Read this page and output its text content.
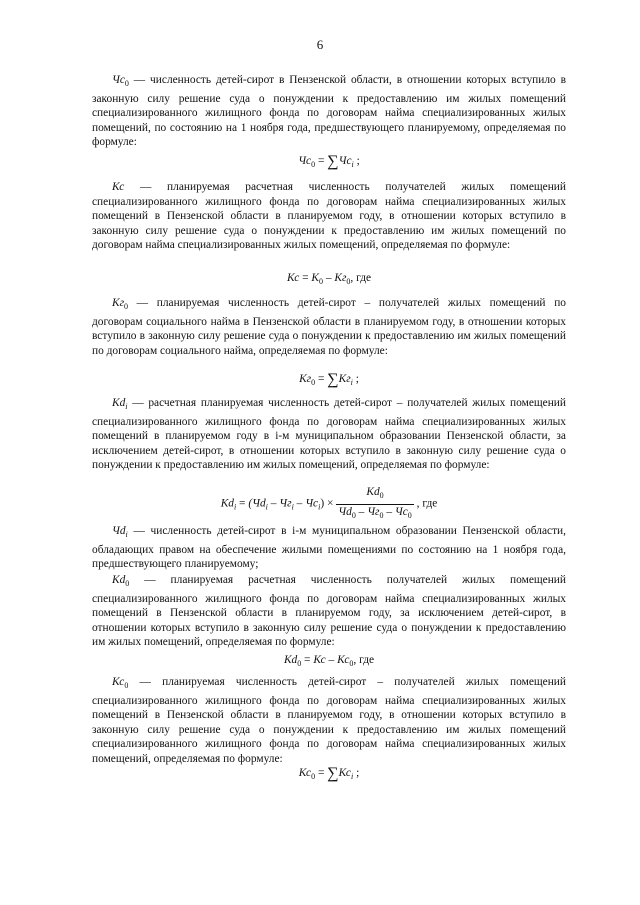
6

$Чс_0$ — численность детей-сирот в Пензенской области, в отношении которых вступило в законную силу решение суда о понуждении к предоставлению им жилых помещений специализированного жилищного фонда по договорам найма специализированных жилых помещений, по состоянию на 1 ноября года, предшествующего планируемому, определяемая по формуле:

$Чс_0 = \sum Чс_i$ ;

Кс — планируемая расчетная численность получателей жилых помещений специализированного жилищного фонда по договорам найма специализированных жилых помещений в Пензенской области в планируемом году, в отношении которых вступило в законную силу решение суда о понуждении к предоставлению им жилых помещений по договорам найма специализированных жилых помещений, определяемая по формуле:

Кс = $К_0 - Кг_0$, где

$Кг_0$ — планируемая численность детей-сирот – получателей жилых помещений по договорам социального найма в Пензенской области в планируемом году, в отношении которых вступило в законную силу решение суда о понуждении к предоставлению им жилых помещений по договорам социального найма, определяемая по формуле:

$Кг_0 = \sum Кг_i$ ;

$Кd_i$ — расчетная планируемая численность детей-сирот – получателей жилых помещений специализированного жилищного фонда по договорам найма специализированных жилых помещений в планируемом году в i-м муниципальном образовании Пензенской области, за исключением детей-сирот, в отношении которых вступило в законную силу решение суда о понуждении к предоставлению им жилых помещений, определяемая по формуле:

$Кd_i = (Чd_i - Чг_i - Чс_i) \times \frac{Кd_0}{Чd_0 - Чг_0 - Чс_0}$ , где

$Чd_i$ — численность детей-сирот в i-м муниципальном образовании Пензенской области, обладающих правом на обеспечение жилыми помещениями по состоянию на 1 ноября года, предшествующего планируемому;

$Кd_0$ — планируемая расчетная численность получателей жилых помещений специализированного жилищного фонда по договорам найма специализированных жилых помещений в Пензенской области в планируемом году, за исключением детей-сирот, в отношении которых вступило в законную силу решение суда о понуждении к предоставлению им жилых помещений, определяемая по формуле:

$Кd_0$ = Кс – $Кс_0$, где

$Кс_0$ — планируемая численность детей-сирот – получателей жилых помещений специализированного жилищного фонда по договорам найма специализированных жилых помещений в Пензенской области в планируемом году, в отношении которых вступило в законную силу решение суда о понуждении к предоставлению им жилых помещений специализированного жилищного фонда по договорам найма специализированных жилых помещений, определяемая по формуле:

$Кс_0 = \sum Кс_i$ ;
